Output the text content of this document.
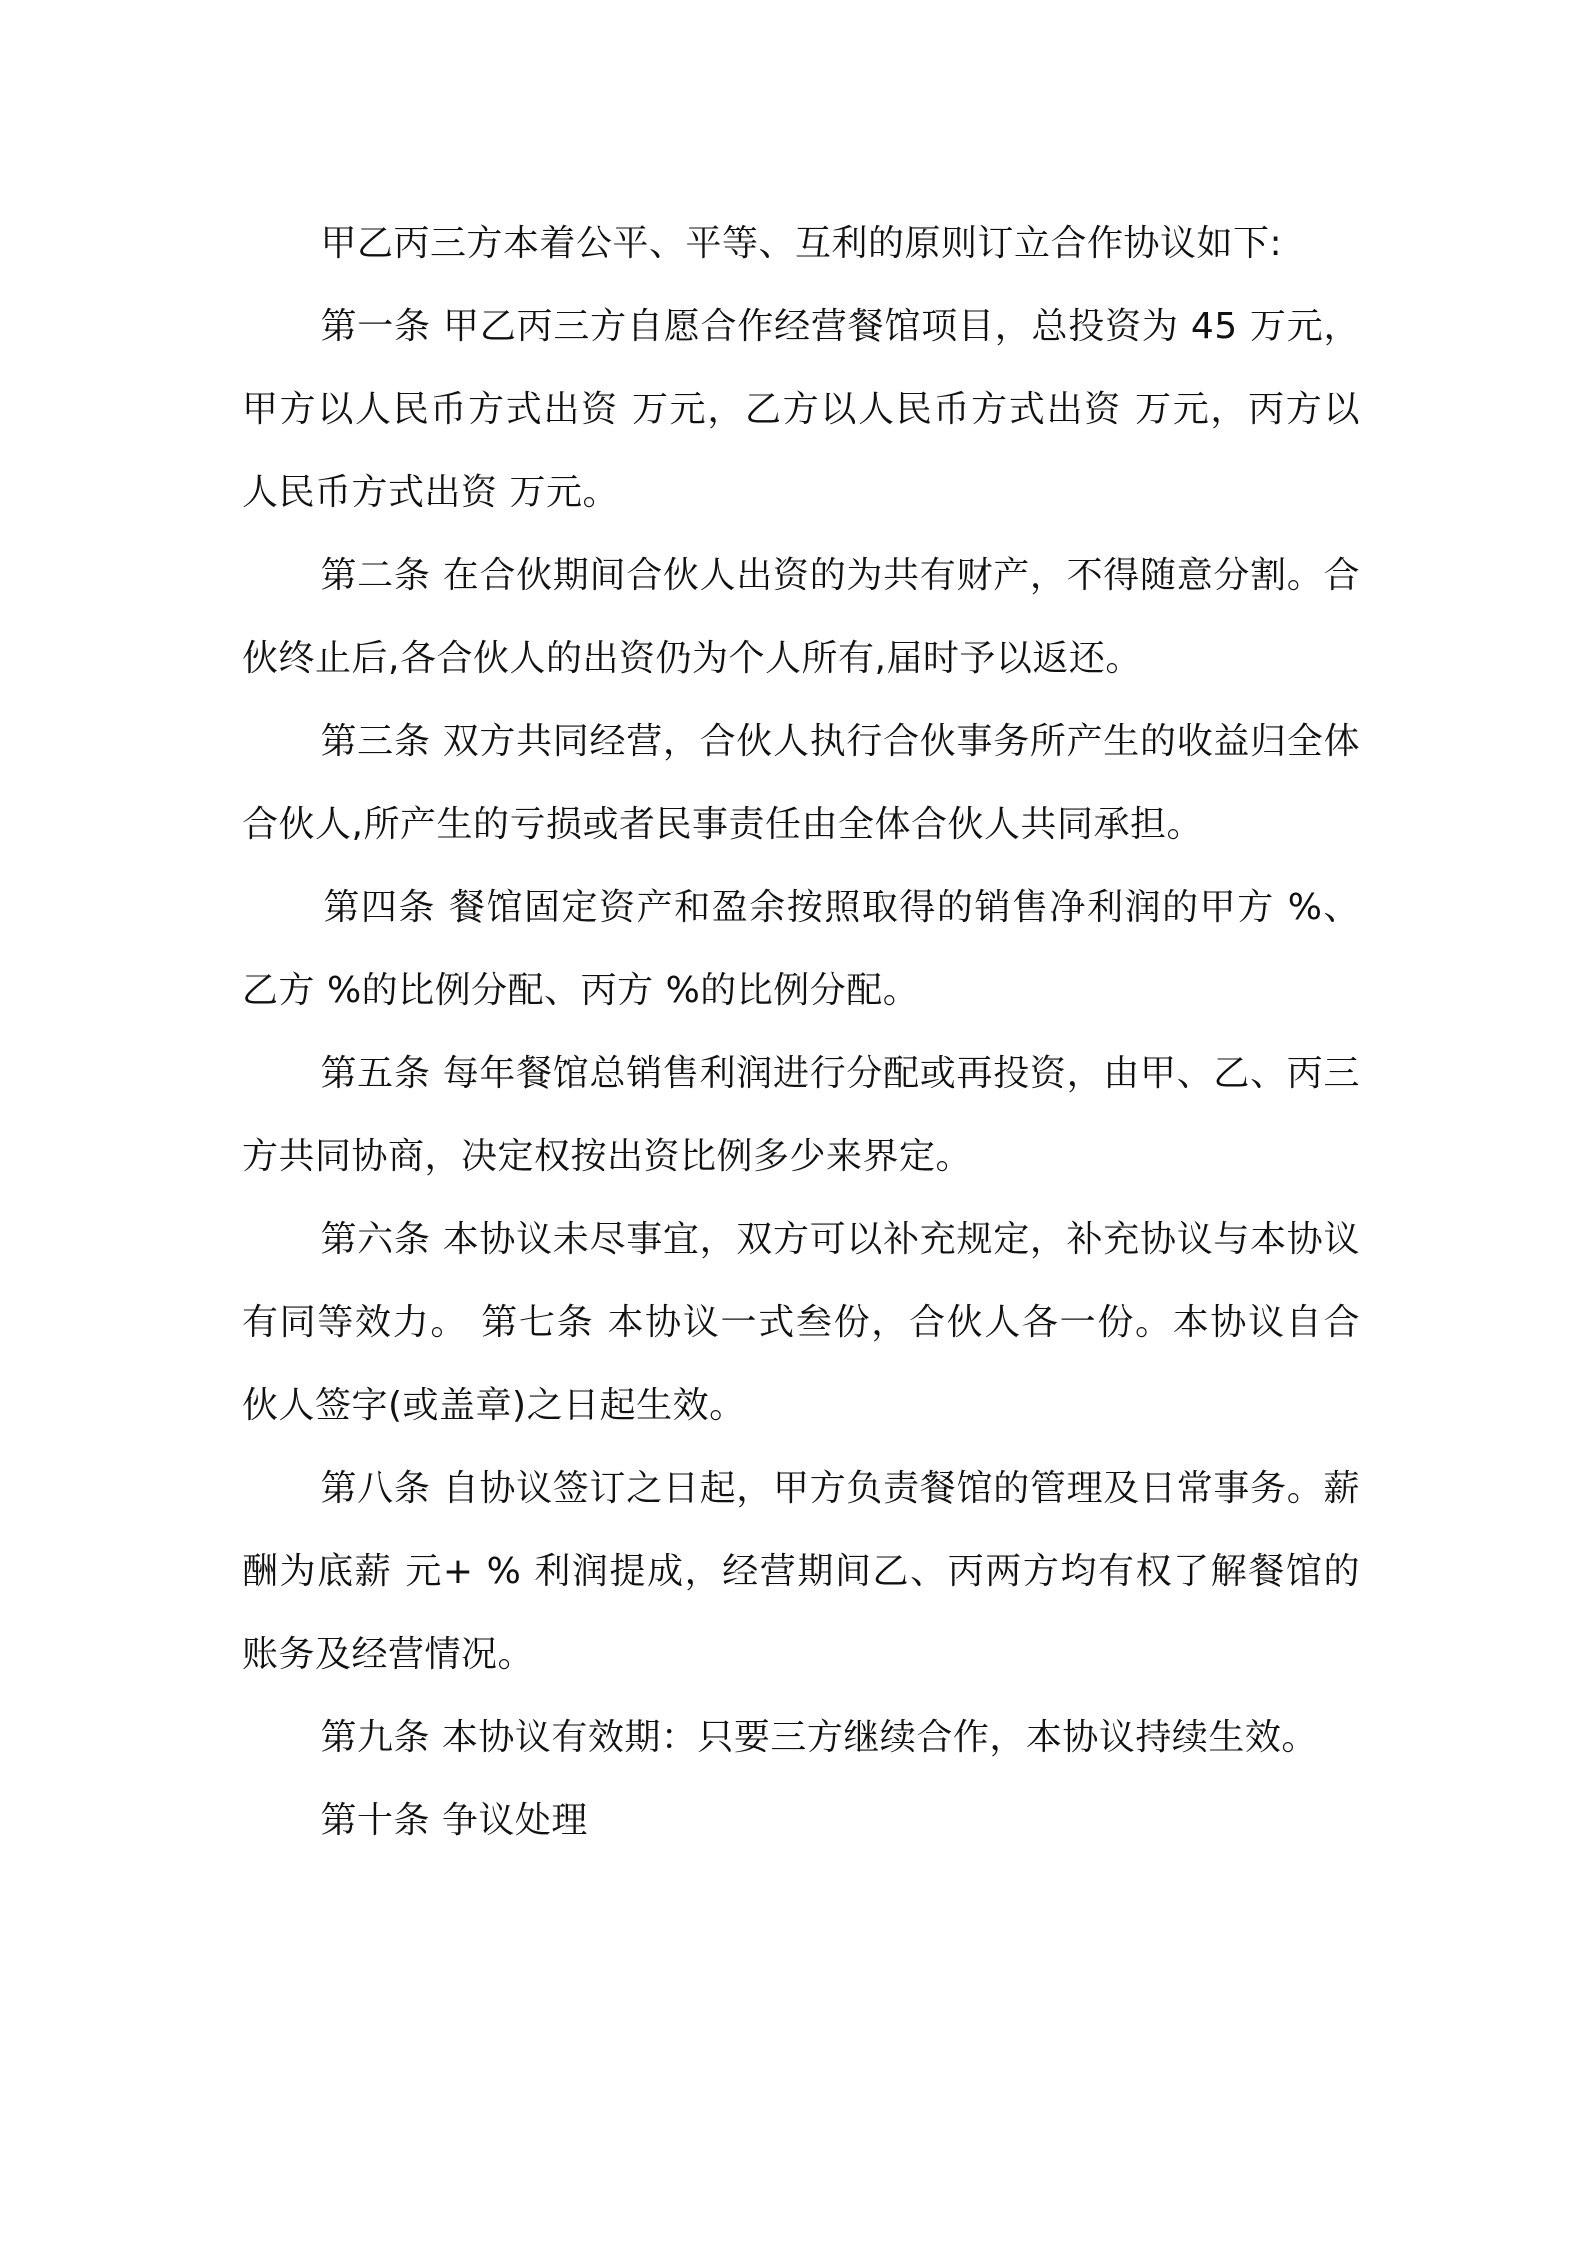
甲乙丙三方本着公平、平等、互利的原则订立合作协议如下:

第一条 甲乙丙三方自愿合作经营餐馆项目，总投资为 45 万元，甲方以人民币方式出资 万元，乙方以人民币方式出资 万元，丙方以人民币方式出资 万元。

第二条 在合伙期间合伙人出资的为共有财产，不得随意分割。合伙终止后,各合伙人的出资仍为个人所有,届时予以返还。

第三条 双方共同经营，合伙人执行合伙事务所产生的收益归全体合伙人,所产生的亏损或者民事责任由全体合伙人共同承担。

第四条 餐馆固定资产和盈余按照取得的销售净利润的甲方 %、乙方 %的比例分配、丙方 %的比例分配。

第五条 每年餐馆总销售利润进行分配或再投资，由甲、乙、丙三方共同协商，决定权按出资比例多少来界定。

第六条 本协议未尽事宜，双方可以补充规定，补充协议与本协议有同等效力。 第七条 本协议一式叁份，合伙人各一份。本协议自合伙人签字(或盖章)之日起生效。

第八条 自协议签订之日起，甲方负责餐馆的管理及日常事务。薪酬为底薪 元+ % 利润提成，经营期间乙、丙两方均有权了解餐馆的账务及经营情况。

第九条 本协议有效期：只要三方继续合作，本协议持续生效。

第十条 争议处理
